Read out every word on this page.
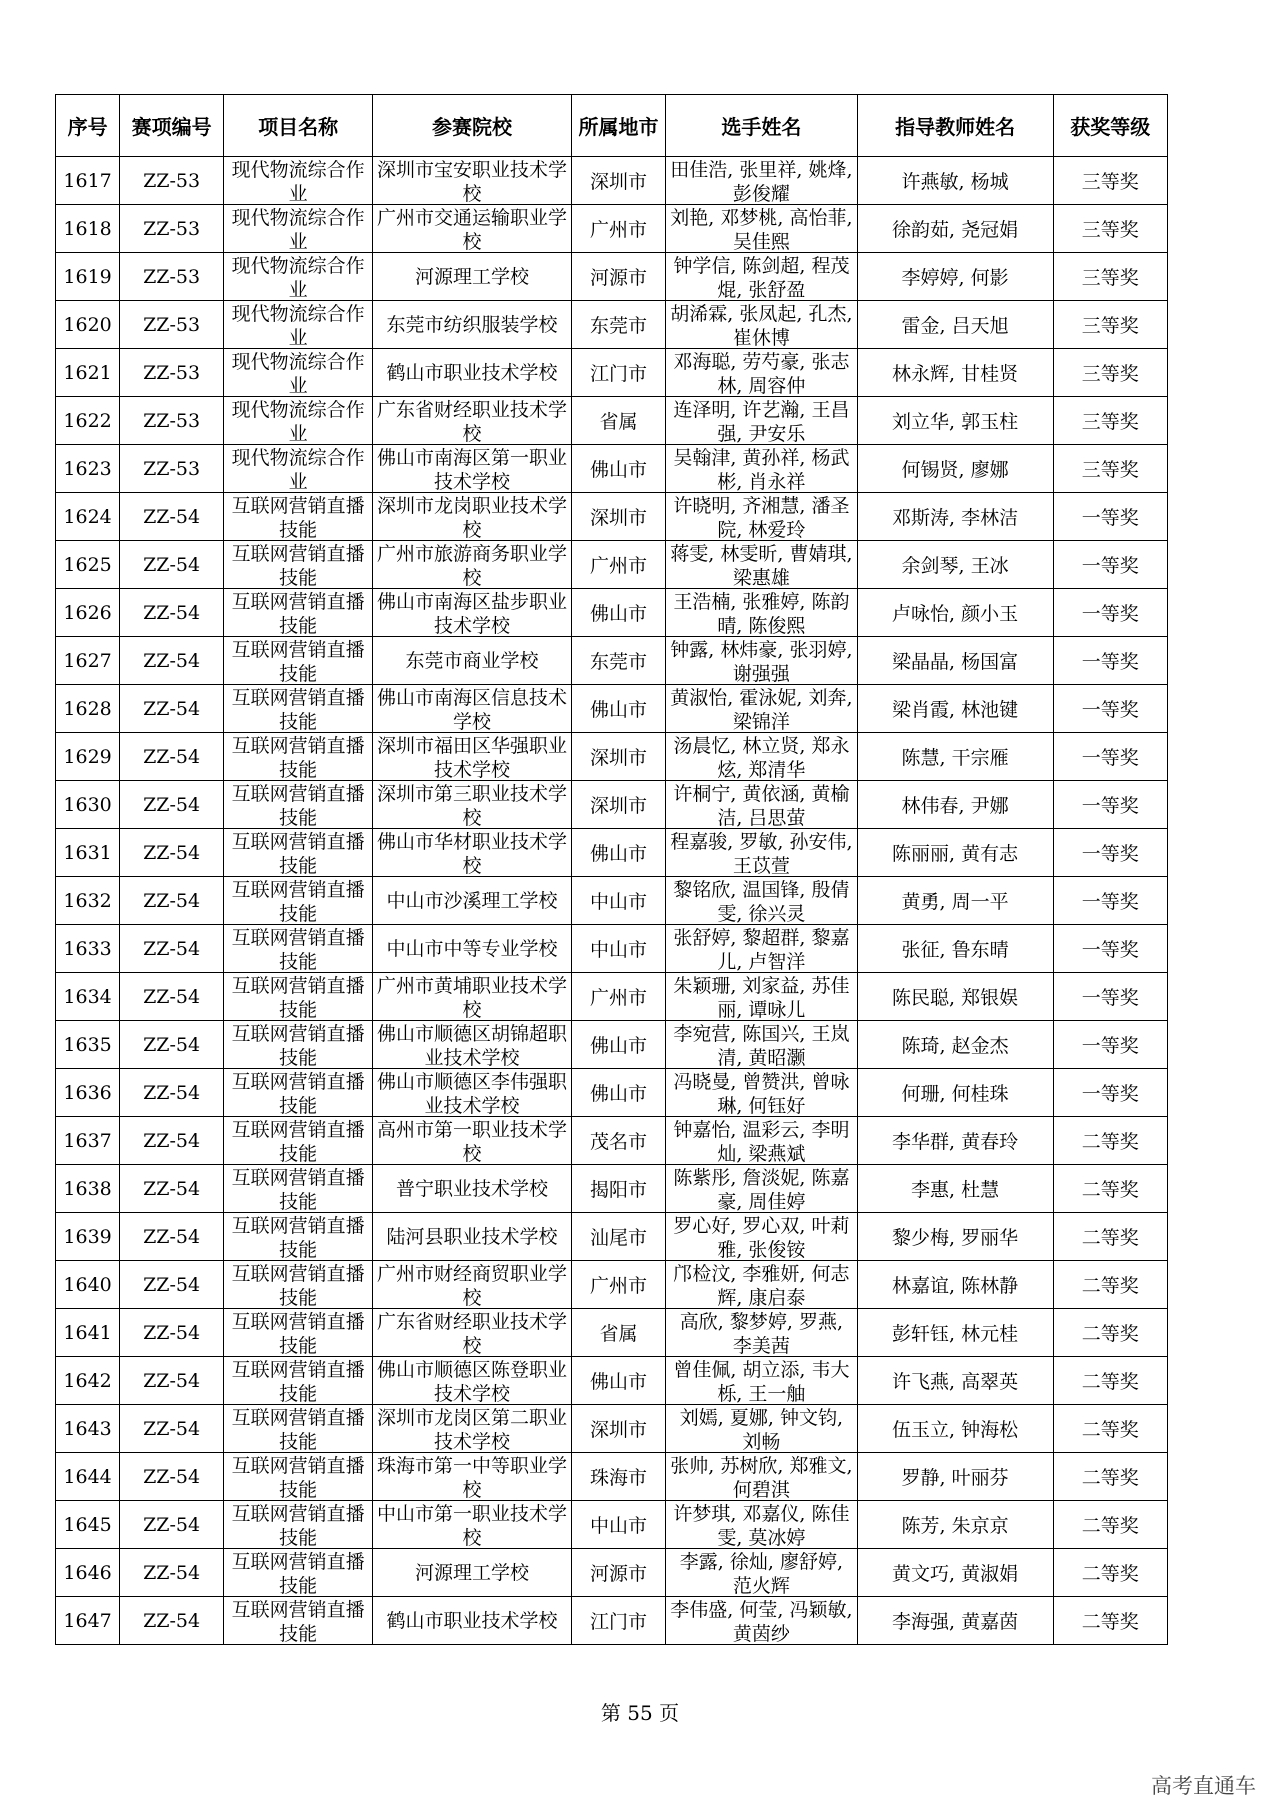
序号	赛项编号	项目名称	参赛院校	所属地市	选手姓名	指导教师姓名	获奖等级
1617	ZZ-53	现代物流综合作业	深圳市宝安职业技术学校	深圳市	田佳浩, 张里祥, 姚烽, 彭俊耀	许燕敏, 杨城	三等奖
1618	ZZ-53	现代物流综合作业	广州市交通运输职业学校	广州市	刘艳, 邓梦桃, 高怡菲, 吴佳熙	徐韵茹, 尧冠娟	三等奖
1619	ZZ-53	现代物流综合作业	河源理工学校	河源市	钟学信, 陈剑超, 程茂焜, 张舒盈	李婷婷, 何影	三等奖
1620	ZZ-53	现代物流综合作业	东莞市纺织服装学校	东莞市	胡浠霖, 张凤起, 孔杰, 崔休博	雷金, 吕天旭	三等奖
1621	ZZ-53	现代物流综合作业	鹤山市职业技术学校	江门市	邓海聪, 劳芍豪, 张志林, 周容仲	林永辉, 甘桂贤	三等奖
1622	ZZ-53	现代物流综合作业	广东省财经职业技术学校	省属	连泽明, 许艺瀚, 王昌强, 尹安乐	刘立华, 郭玉柱	三等奖
1623	ZZ-53	现代物流综合作业	佛山市南海区第一职业技术学校	佛山市	吴翰津, 黄孙祥, 杨武彬, 肖永祥	何锡贤, 廖娜	三等奖
1624	ZZ-54	互联网营销直播技能	深圳市龙岗职业技术学校	深圳市	许晓明, 齐湘慧, 潘圣院, 林爱玲	邓斯涛, 李林洁	一等奖
1625	ZZ-54	互联网营销直播技能	广州市旅游商务职业学校	广州市	蒋雯, 林雯昕, 曹婧琪, 梁惠雄	余剑琴, 王冰	一等奖
1626	ZZ-54	互联网营销直播技能	佛山市南海区盐步职业技术学校	佛山市	王浩楠, 张雅婷, 陈韵晴, 陈俊熙	卢咏怡, 颜小玉	一等奖
1627	ZZ-54	互联网营销直播技能	东莞市商业学校	东莞市	钟露, 林炜豪, 张羽婷, 谢强强	梁晶晶, 杨国富	一等奖
1628	ZZ-54	互联网营销直播技能	佛山市南海区信息技术学校	佛山市	黄淑怡, 霍泳妮, 刘奔, 梁锦洋	梁肖霞, 林池键	一等奖
1629	ZZ-54	互联网营销直播技能	深圳市福田区华强职业技术学校	深圳市	汤晨忆, 林立贤, 郑永炫, 郑清华	陈慧, 干宗雁	一等奖
1630	ZZ-54	互联网营销直播技能	深圳市第三职业技术学校	深圳市	许桐宁, 黄依涵, 黄榆洁, 吕思萤	林伟春, 尹娜	一等奖
1631	ZZ-54	互联网营销直播技能	佛山市华材职业技术学校	佛山市	程嘉骏, 罗敏, 孙安伟, 王苡萱	陈丽丽, 黄有志	一等奖
1632	ZZ-54	互联网营销直播技能	中山市沙溪理工学校	中山市	黎铭欣, 温国锋, 殷倩雯, 徐兴灵	黄勇, 周一平	一等奖
1633	ZZ-54	互联网营销直播技能	中山市中等专业学校	中山市	张舒婷, 黎超群, 黎嘉儿, 卢智洋	张征, 鲁东晴	一等奖
1634	ZZ-54	互联网营销直播技能	广州市黄埔职业技术学校	广州市	朱颖珊, 刘家益, 苏佳丽, 谭咏儿	陈民聪, 郑银娱	一等奖
1635	ZZ-54	互联网营销直播技能	佛山市顺德区胡锦超职业技术学校	佛山市	李宛营, 陈国兴, 王岚清, 黄昭灏	陈琦, 赵金杰	一等奖
1636	ZZ-54	互联网营销直播技能	佛山市顺德区李伟强职业技术学校	佛山市	冯晓曼, 曾赞洪, 曾咏琳, 何钰好	何珊, 何桂珠	一等奖
1637	ZZ-54	互联网营销直播技能	高州市第一职业技术学校	茂名市	钟嘉怡, 温彩云, 李明灿, 梁燕斌	李华群, 黄春玲	二等奖
1638	ZZ-54	互联网营销直播技能	普宁职业技术学校	揭阳市	陈紫彤, 詹淡妮, 陈嘉豪, 周佳婷	李惠, 杜慧	二等奖
1639	ZZ-54	互联网营销直播技能	陆河县职业技术学校	汕尾市	罗心好, 罗心双, 叶莉雅, 张俊铵	黎少梅, 罗丽华	二等奖
1640	ZZ-54	互联网营销直播技能	广州市财经商贸职业学校	广州市	邝检汶, 李雅妍, 何志辉, 康启泰	林嘉谊, 陈林静	二等奖
1641	ZZ-54	互联网营销直播技能	广东省财经职业技术学校	省属	高欣, 黎梦婷, 罗燕, 李美茜	彭轩钰, 林元桂	二等奖
1642	ZZ-54	互联网营销直播技能	佛山市顺德区陈登职业技术学校	佛山市	曾佳佩, 胡立添, 韦大栎, 王一舳	许飞燕, 高翠英	二等奖
1643	ZZ-54	互联网营销直播技能	深圳市龙岗区第二职业技术学校	深圳市	刘嫣, 夏娜, 钟文钧, 刘畅	伍玉立, 钟海松	二等奖
1644	ZZ-54	互联网营销直播技能	珠海市第一中等职业学校	珠海市	张帅, 苏树欣, 郑雅文, 何碧淇	罗静, 叶丽芬	二等奖
1645	ZZ-54	互联网营销直播技能	中山市第一职业技术学校	中山市	许梦琪, 邓嘉仪, 陈佳雯, 莫冰婷	陈芳, 朱京京	二等奖
1646	ZZ-54	互联网营销直播技能	河源理工学校	河源市	李露, 徐灿, 廖舒婷, 范火辉	黄文巧, 黄淑娟	二等奖
1647	ZZ-54	互联网营销直播技能	鹤山市职业技术学校	江门市	李伟盛, 何莹, 冯颖敏, 黄茵纱	李海强, 黄嘉茵	二等奖
第 55 页
高考直通车
